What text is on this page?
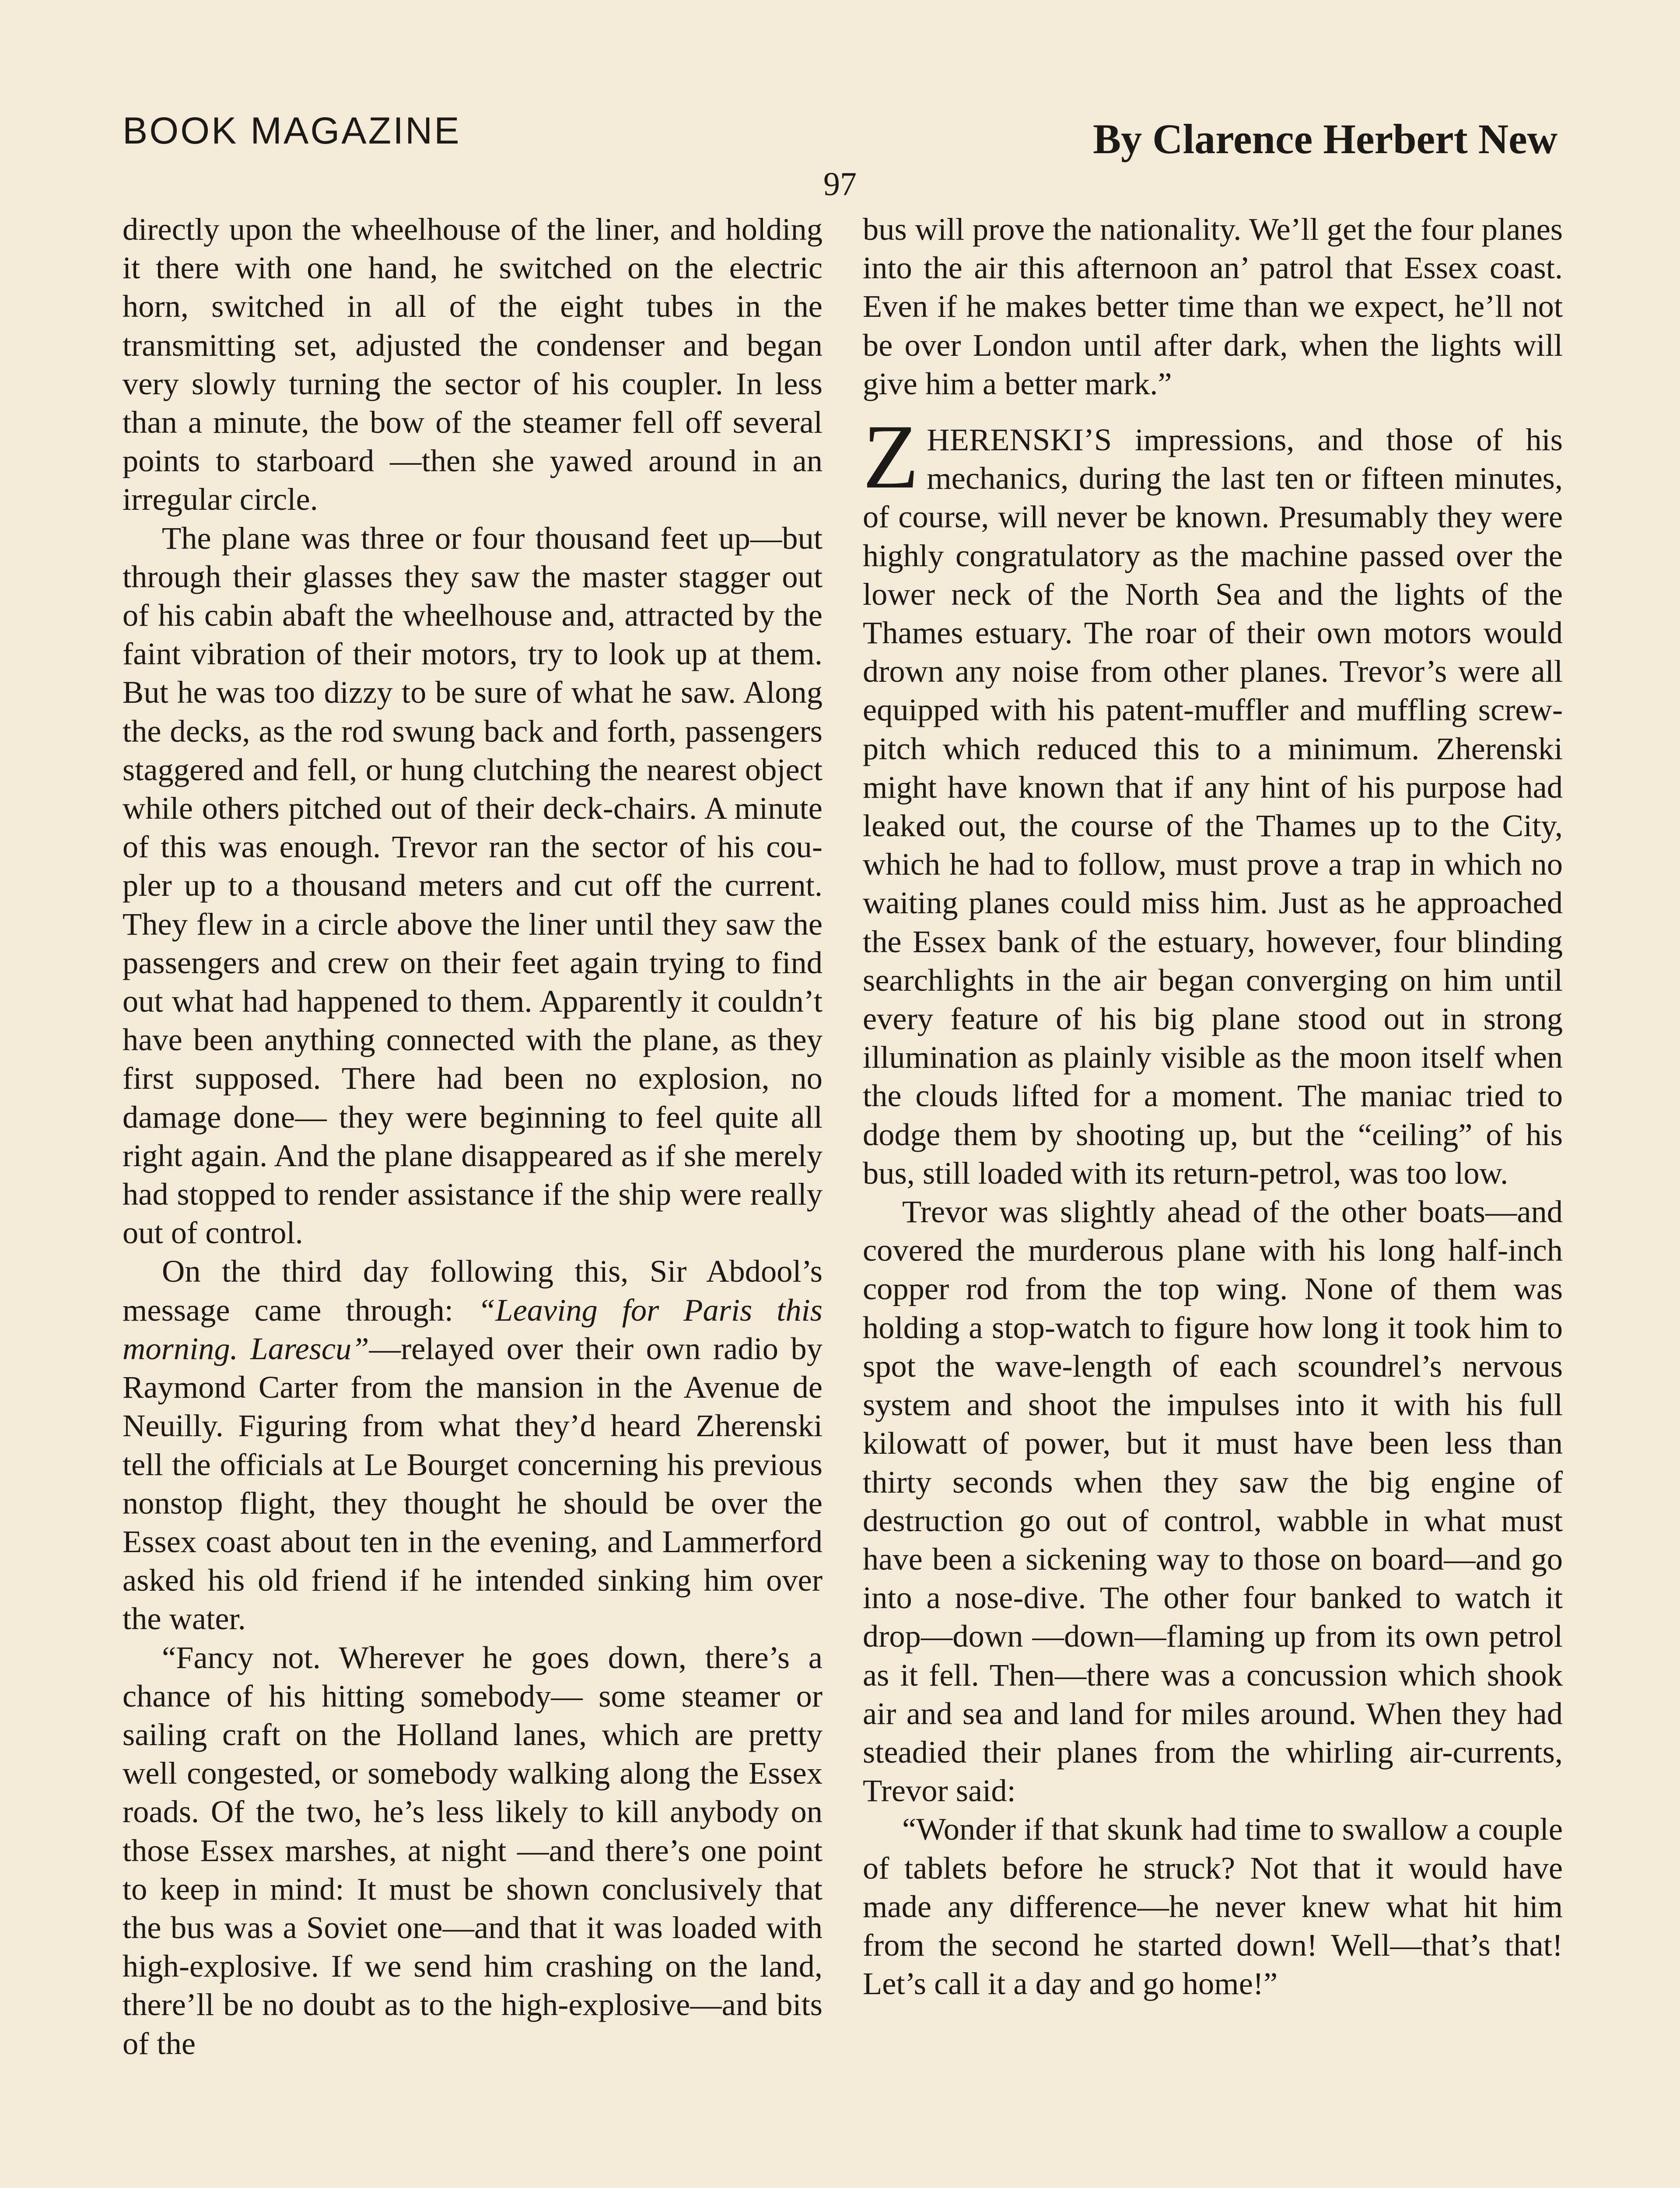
BOOK MAGAZINE	By Clarence Herbert New
97

directly upon the wheelhouse of the liner, and holding it there with one hand, he switched on the electric horn, switched in all of the eight tubes in the transmitting set, adjusted the condenser and began very slowly turning the sector of his coupler. In less than a minute, the bow of the steamer fell off several points to starboard —then she yawed around in an irregular circle.

The plane was three or four thousand feet up—but through their glasses they saw the master stagger out of his cabin abaft the wheelhouse and, attracted by the faint vibration of their motors, try to look up at them. But he was too dizzy to be sure of what he saw. Along the decks, as the rod swung back and forth, passengers staggered and fell, or hung clutching the nearest object while others pitched out of their deck-chairs. A minute of this was enough. Trevor ran the sector of his coupler up to a thousand meters and cut off the current. They flew in a circle above the liner until they saw the passengers and crew on their feet again trying to find out what had happened to them. Apparently it couldn’t have been anything connected with the plane, as they first supposed. There had been no explosion, no damage done— they were beginning to feel quite all right again. And the plane disappeared as if she merely had stopped to render assistance if the ship were really out of control.

On the third day following this, Sir Abdool’s message came through: “Leaving for Paris this morning. Larescu”—relayed over their own radio by Raymond Carter from the mansion in the Avenue de Neuilly. Figuring from what they’d heard Zherenski tell the officials at Le Bourget concerning his previous nonstop flight, they thought he should be over the Essex coast about ten in the evening, and Lammerford asked his old friend if he intended sinking him over the water.

“Fancy not. Wherever he goes down, there’s a chance of his hitting somebody— some steamer or sailing craft on the Holland lanes, which are pretty well congested, or somebody walking along the Essex roads. Of the two, he’s less likely to kill anybody on those Essex marshes, at night —and there’s one point to keep in mind: It must be shown conclusively that the bus was a Soviet one—and that it was loaded with high-explosive. If we send him crashing on the land, there’ll be no doubt as to the high-explosive—and bits of the

bus will prove the nationality. We’ll get the four planes into the air this afternoon an’ patrol that Essex coast. Even if he makes better time than we expect, he’ll not be over London until after dark, when the lights will give him a better mark.”

ZHERENSKI’S impressions, and those of his mechanics, during the last ten or fifteen minutes, of course, will never be known. Presumably they were highly congratulatory as the machine passed over the lower neck of the North Sea and the lights of the Thames estuary. The roar of their own motors would drown any noise from other planes. Trevor’s were all equipped with his patent-muffler and muffling screw-pitch which reduced this to a minimum. Zherenski might have known that if any hint of his purpose had leaked out, the course of the Thames up to the City, which he had to follow, must prove a trap in which no waiting planes could miss him. Just as he approached the Essex bank of the estuary, however, four blinding searchlights in the air began converging on him until every feature of his big plane stood out in strong illumination as plainly visible as the moon itself when the clouds lifted for a moment. The maniac tried to dodge them by shooting up, but the “ceiling” of his bus, still loaded with its return-petrol, was too low.

Trevor was slightly ahead of the other boats—and covered the murderous plane with his long half-inch copper rod from the top wing. None of them was holding a stop-watch to figure how long it took him to spot the wave-length of each scoundrel’s nervous system and shoot the impulses into it with his full kilowatt of power, but it must have been less than thirty seconds when they saw the big engine of destruction go out of control, wabble in what must have been a sickening way to those on board—and go into a nose-dive. The other four banked to watch it drop—down —down—flaming up from its own petrol as it fell. Then—there was a concussion which shook air and sea and land for miles around. When they had steadied their planes from the whirling air-currents, Trevor said:

“Wonder if that skunk had time to swallow a couple of tablets before he struck? Not that it would have made any difference—he never knew what hit him from the second he started down! Well—that’s that! Let’s call it a day and go home!”
